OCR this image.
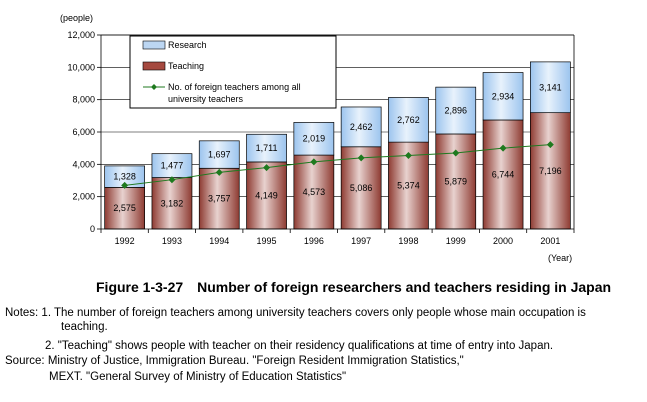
(people)
0
2,000
4,000
6,000
8,000
10,000
12,000
2,575
1,328
3,182
1,477
3,757
1,697
4,149
1,711
4,573
2,019
5,086
2,462
5,374
2,762
5,879
2,896
6,744
2,934
7,196
3,141
1992	1993	1994	1995	1996	1997	1998	1999	2000	2001
(Year)
Research
Teaching
No. of foreign teachers among all
university teachers
Figure 1-3-27 Number of foreign researchers and teachers residing in Japan

Notes: 1. The number of foreign teachers among university teachers covers only people whose main occupation is

teaching.

2. "Teaching" shows people with teacher on their residency qualifications at time of entry into Japan.

Source: Ministry of Justice, Immigration Bureau. "Foreign Resident Immigration Statistics,"

MEXT. "General Survey of Ministry of Education Statistics"
